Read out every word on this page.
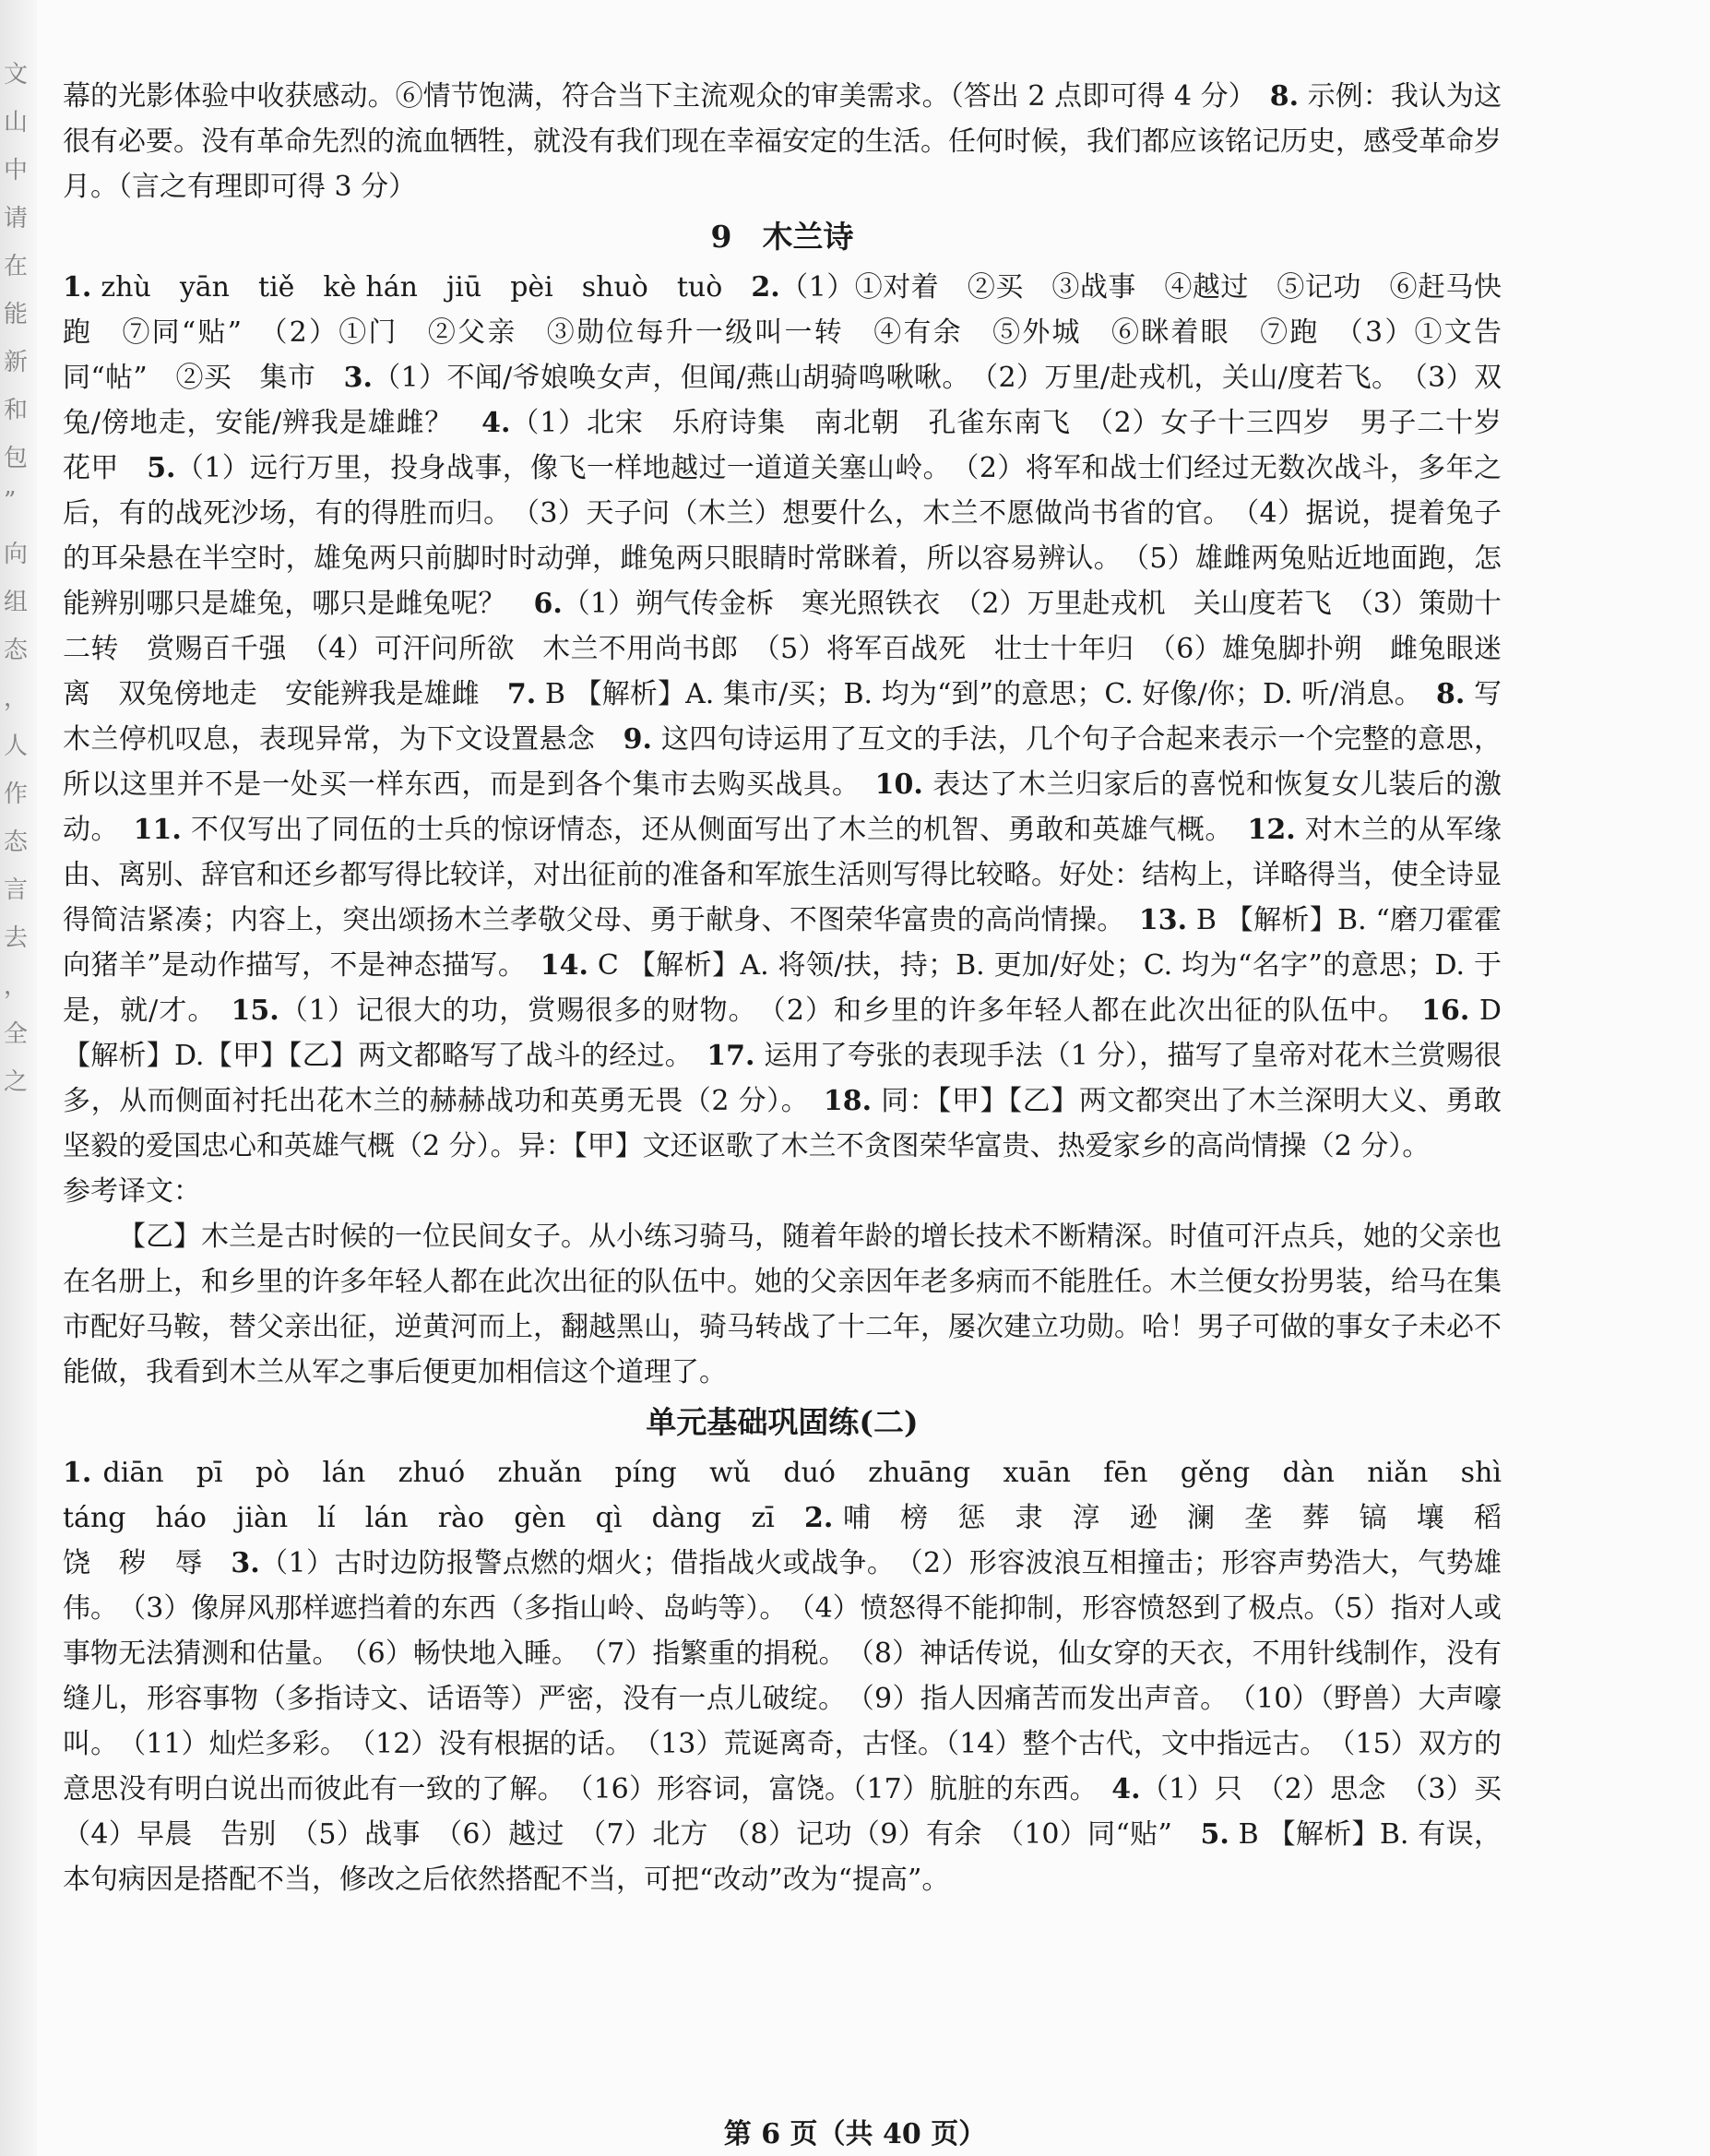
文
山
中
请
在
能
新
和
包
”
向
组
态
，
人
作
态
言
去
，
全
之

幕的光影体验中收获感动。⑥情节饱满，符合当下主流观众的审美需求。（答出 2 点即可得 4 分）　8. 示例：我认为这很有必要。没有革命先烈的流血牺牲，就没有我们现在幸福安定的生活。任何时候，我们都应该铭记历史，感受革命岁月。（言之有理即可得 3 分）

9　木兰诗

1. zhù　yān　tiě　kè hán　jiū　pèi　shuò　tuò　2.（1）①对着　②买　③战事　④越过　⑤记功　⑥赶马快跑　⑦同“贴”　（2）①门　②父亲　③勋位每升一级叫一转　④有余　⑤外城　⑥眯着眼　⑦跑　（3）①文告　同“帖”　②买　集市　3.（1）不闻/爷娘唤女声，但闻/燕山胡骑鸣啾啾。　（2）万里/赴戎机，关山/度若飞。　（3）双兔/傍地走，安能/辨我是雄雌？　4.（1）北宋　乐府诗集　南北朝　孔雀东南飞　（2）女子十三四岁　男子二十岁　花甲　5.（1）远行万里，投身战事，像飞一样地越过一道道关塞山岭。　（2）将军和战士们经过无数次战斗，多年之后，有的战死沙场，有的得胜而归。　（3）天子问（木兰）想要什么，木兰不愿做尚书省的官。　（4）据说，提着兔子的耳朵悬在半空时，雄兔两只前脚时时动弹，雌兔两只眼睛时常眯着，所以容易辨认。　（5）雄雌两兔贴近地面跑，怎能辨别哪只是雄兔，哪只是雌兔呢？　6.（1）朔气传金柝　寒光照铁衣　（2）万里赴戎机　关山度若飞　（3）策勋十二转　赏赐百千强　（4）可汗问所欲　木兰不用尚书郎　（5）将军百战死　壮士十年归　（6）雄兔脚扑朔　雌兔眼迷离　双兔傍地走　安能辨我是雄雌　7. B 【解析】A. 集市/买；B. 均为“到”的意思；C. 好像/你；D. 听/消息。　8. 写木兰停机叹息，表现异常，为下文设置悬念　9. 这四句诗运用了互文的手法，几个句子合起来表示一个完整的意思，所以这里并不是一处买一样东西，而是到各个集市去购买战具。　10. 表达了木兰归家后的喜悦和恢复女儿装后的激动。　11. 不仅写出了同伍的士兵的惊讶情态，还从侧面写出了木兰的机智、勇敢和英雄气概。　12. 对木兰的从军缘由、离别、辞官和还乡都写得比较详，对出征前的准备和军旅生活则写得比较略。好处：结构上，详略得当，使全诗显得简洁紧凑；内容上，突出颂扬木兰孝敬父母、勇于献身、不图荣华富贵的高尚情操。　13. B 【解析】B. “磨刀霍霍向猪羊”是动作描写，不是神态描写。　14. C 【解析】A. 将领/扶，持；B. 更加/好处；C. 均为“名字”的意思；D. 于是，就/才。　15.（1）记很大的功，赏赐很多的财物。　（2）和乡里的许多年轻人都在此次出征的队伍中。　16. D 【解析】D.【甲】【乙】两文都略写了战斗的经过。　17. 运用了夸张的表现手法（1 分），描写了皇帝对花木兰赏赐很多，从而侧面衬托出花木兰的赫赫战功和英勇无畏（2 分）。　18. 同：【甲】【乙】两文都突出了木兰深明大义、勇敢坚毅的爱国忠心和英雄气概（2 分）。异：【甲】文还讴歌了木兰不贪图荣华富贵、热爱家乡的高尚情操（2 分）。

参考译文：

【乙】木兰是古时候的一位民间女子。从小练习骑马，随着年龄的增长技术不断精深。时值可汗点兵，她的父亲也在名册上，和乡里的许多年轻人都在此次出征的队伍中。她的父亲因年老多病而不能胜任。木兰便女扮男装，给马在集市配好马鞍，替父亲出征，逆黄河而上，翻越黑山，骑马转战了十二年，屡次建立功勋。哈！男子可做的事女子未必不能做，我看到木兰从军之事后便更加相信这个道理了。

单元基础巩固练(二)

1. diān　pī　pò　lán　zhuó　zhuǎn　píng　wǔ　duó　zhuāng　xuān　fēn　gěng　dàn　niǎn　shì　táng　háo　jiàn　lí　lán　rào　gèn　qì　dàng　zī　2. 哺　榜　惩　隶　淳　逊　澜　垄　葬　镐　壤　稻　饶　秽　辱　3.（1）古时边防报警点燃的烟火；借指战火或战争。　（2）形容波浪互相撞击；形容声势浩大，气势雄伟。　（3）像屏风那样遮挡着的东西（多指山岭、岛屿等）。　（4）愤怒得不能抑制，形容愤怒到了极点。（5）指对人或事物无法猜测和估量。　（6）畅快地入睡。　（7）指繁重的捐税。　（8）神话传说，仙女穿的天衣，不用针线制作，没有缝儿，形容事物（多指诗文、话语等）严密，没有一点儿破绽。　（9）指人因痛苦而发出声音。　（10）（野兽）大声嚎叫。　（11）灿烂多彩。　（12）没有根据的话。　（13）荒诞离奇，古怪。（14）整个古代，文中指远古。　（15）双方的意思没有明白说出而彼此有一致的了解。　（16）形容词，富饶。（17）肮脏的东西。　4.（1）只　（2）思念　（3）买　（4）早晨　告别　（5）战事　（6）越过　（7）北方　（8）记功（9）有余　（10）同“贴”　5. B 【解析】B. 有误，本句病因是搭配不当，修改之后依然搭配不当，可把“改动”改为“提高”。

第 6 页（共 40 页）
